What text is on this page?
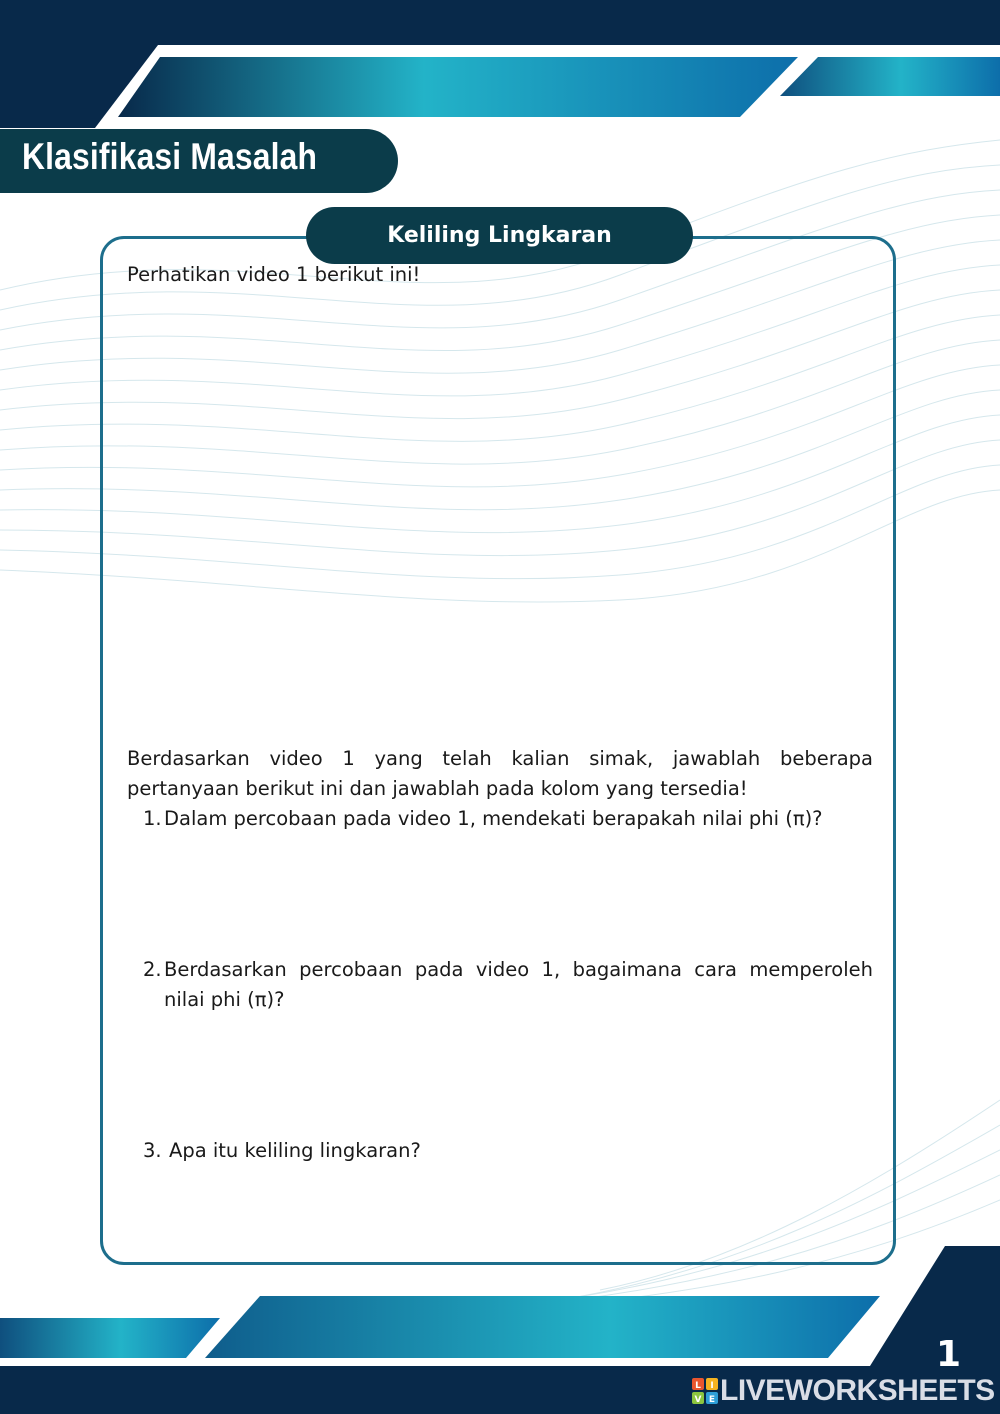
Klasifikasi Masalah
Keliling Lingkaran
Perhatikan video 1 berikut ini!
Berdasarkan video 1 yang telah kalian simak, jawablah beberapa pertanyaan berikut ini dan jawablah pada kolom yang tersedia!
1. Dalam percobaan pada video 1, mendekati berapakah nilai phi (π)?
2. Berdasarkan percobaan pada video 1, bagaimana cara memperoleh nilai phi (π)?
3. Apa itu keliling lingkaran?
1
L I
V E LIVEWORKSHEETS
